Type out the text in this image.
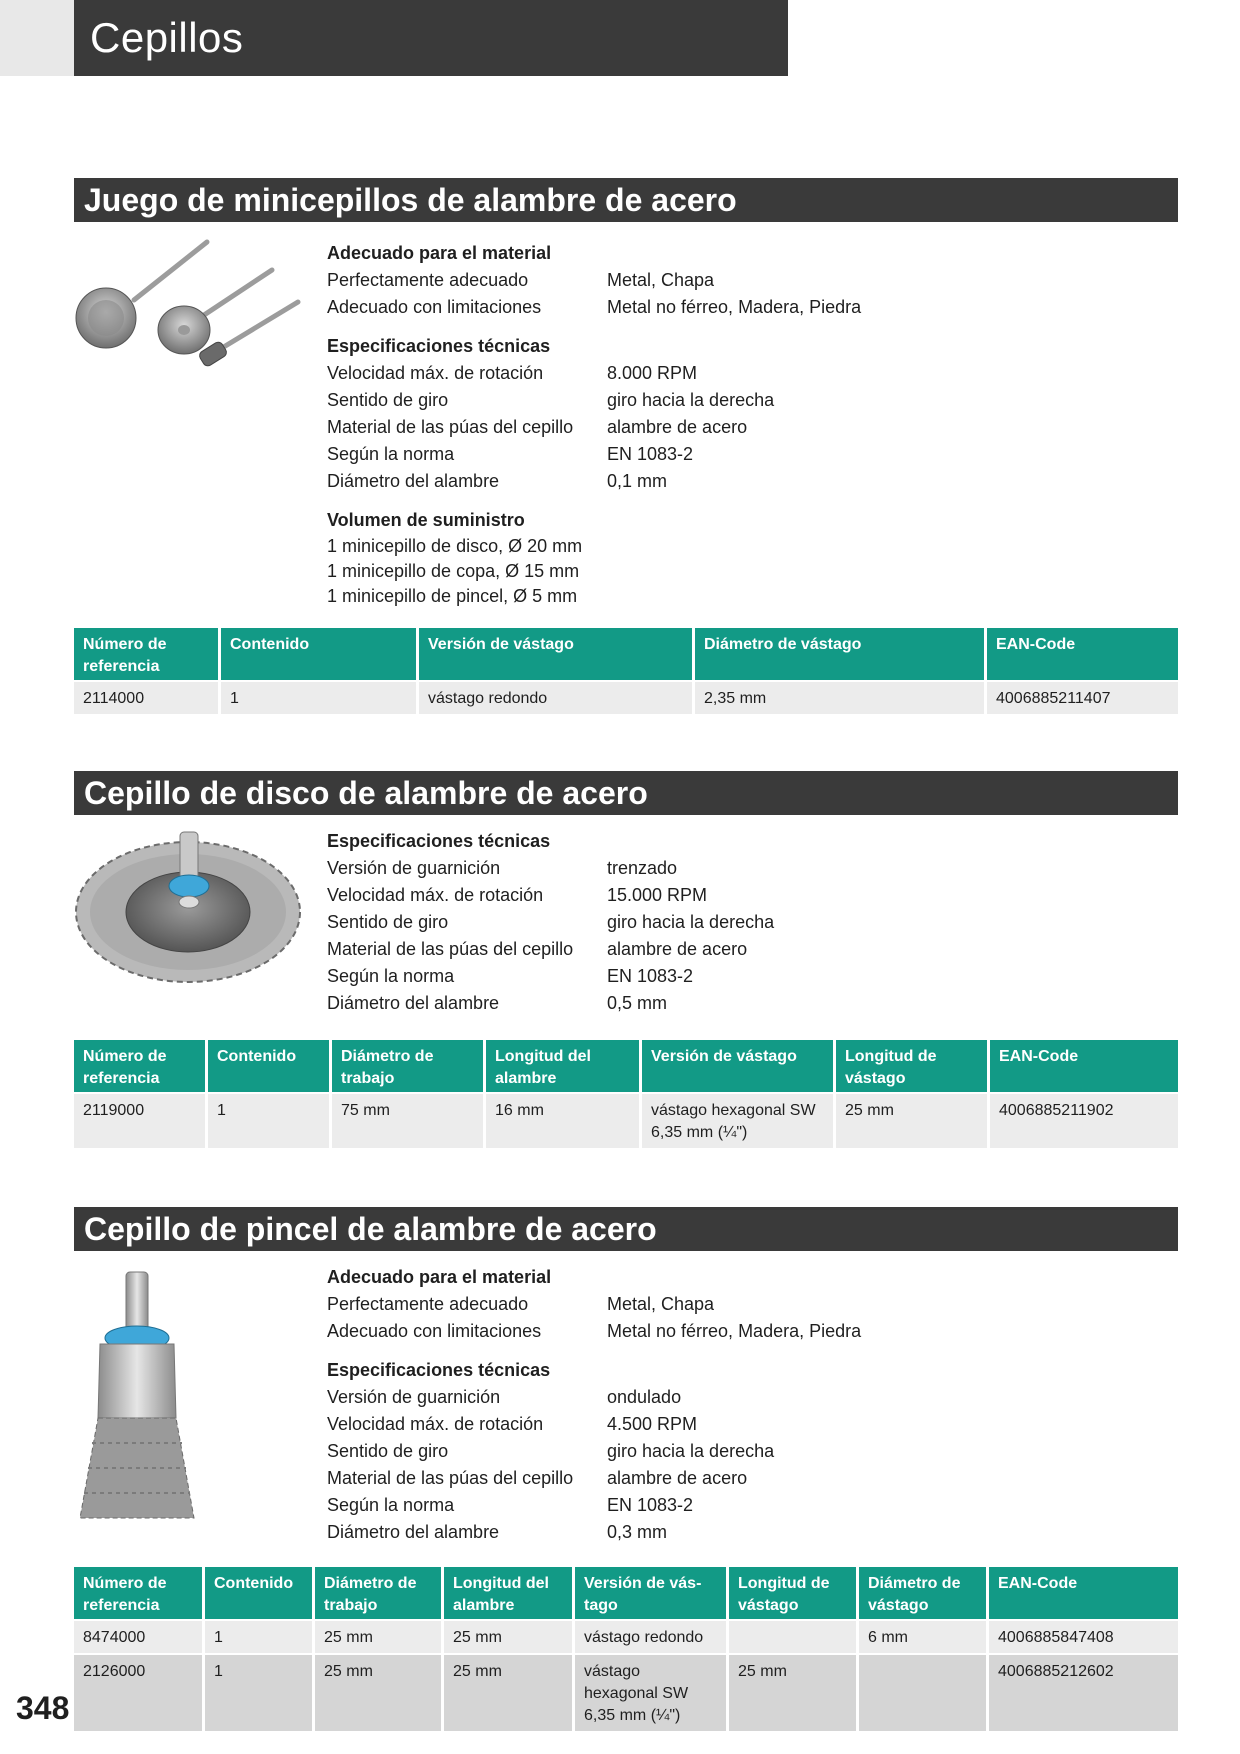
Cepillos
Juego de minicepillos de alambre de acero
Adecuado para el material
Perfectamente adecuado	Metal, Chapa
Adecuado con limitaciones	Metal no férreo, Madera, Piedra
Especificaciones técnicas
Velocidad máx. de rotación	8.000 RPM
Sentido de giro	giro hacia la derecha
Material de las púas del cepillo	alambre de acero
Según la norma	EN 1083-2
Diámetro del alambre	0,1 mm
Volumen de suministro
1 minicepillo de disco, Ø 20 mm
1 minicepillo de copa, Ø 15 mm
1 minicepillo de pincel, Ø 5 mm
Número de referencia	Contenido	Versión de vástago	Diámetro de vástago	EAN-Code
2114000	1	vástago redondo	2,35 mm	4006885211407
Cepillo de disco de alambre de acero
Especificaciones técnicas
Versión de guarnición	trenzado
Velocidad máx. de rotación	15.000 RPM
Sentido de giro	giro hacia la derecha
Material de las púas del cepillo	alambre de acero
Según la norma	EN 1083-2
Diámetro del alambre	0,5 mm
Número de referencia	Contenido	Diámetro de trabajo	Longitud del alambre	Versión de vástago	Longitud de vástago	EAN-Code
2119000	1	75 mm	16 mm	vástago hexagonal SW 6,35 mm (¼")	25 mm	4006885211902
Cepillo de pincel de alambre de acero
Adecuado para el material
Perfectamente adecuado	Metal, Chapa
Adecuado con limitaciones	Metal no férreo, Madera, Piedra
Especificaciones técnicas
Versión de guarnición	ondulado
Velocidad máx. de rotación	4.500 RPM
Sentido de giro	giro hacia la derecha
Material de las púas del cepillo	alambre de acero
Según la norma	EN 1083-2
Diámetro del alambre	0,3 mm
Número de referencia	Contenido	Diámetro de trabajo	Longitud del alambre	Versión de vás-tago	Longitud de vástago	Diámetro de vástago	EAN-Code
8474000	1	25 mm	25 mm	vástago redondo		6 mm	4006885847408
2126000	1	25 mm	25 mm	vástago hexagonal SW 6,35 mm (¼")	25 mm		4006885212602
348
